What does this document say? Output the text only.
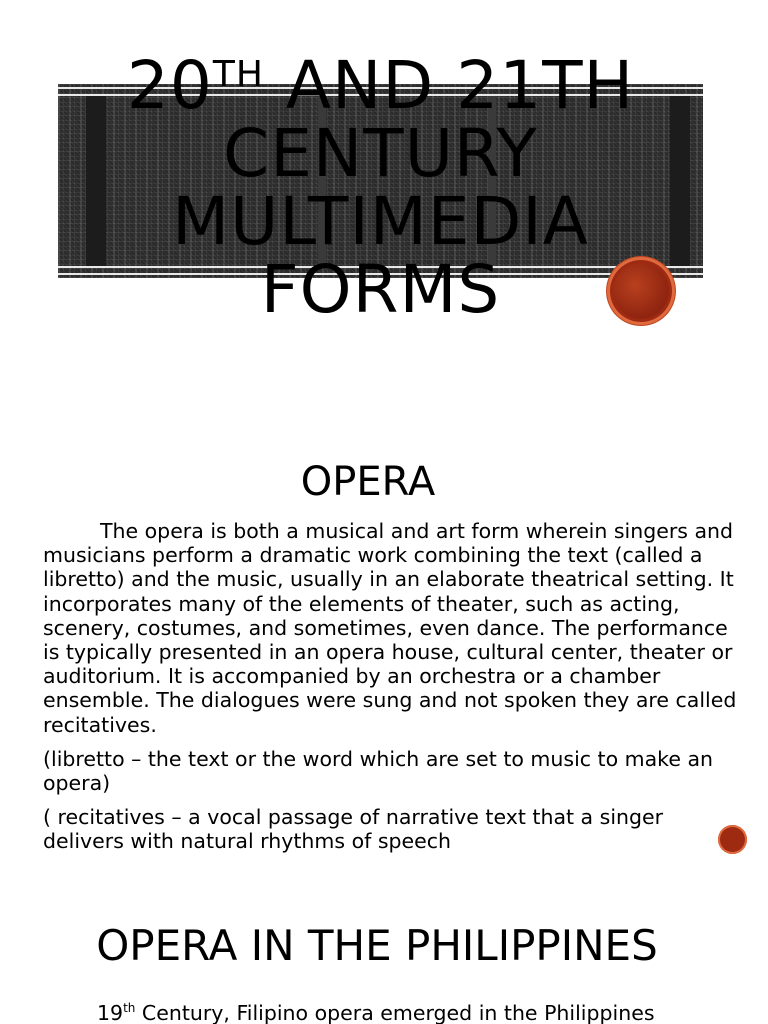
20TH AND 21TH CENTURY MULTIMEDIA FORMS
OPERA

The opera is both a musical and art form wherein singers and musicians perform a dramatic work combining the text (called a libretto) and the music, usually in an elaborate theatrical setting. It incorporates many of the elements of theater, such as acting, scenery, costumes, and sometimes, even dance. The performance is typically presented in an opera house, cultural center, theater or auditorium. It is accompanied by an orchestra or a chamber ensemble. The dialogues were sung and not spoken they are called recitatives.

(libretto – the text or the word which are set to music to make an opera)

( recitatives – a vocal passage of narrative text that a singer delivers with natural rhythms of speech

OPERA IN THE PHILIPPINES
19th Century, Filipino opera emerged in the Philippines
